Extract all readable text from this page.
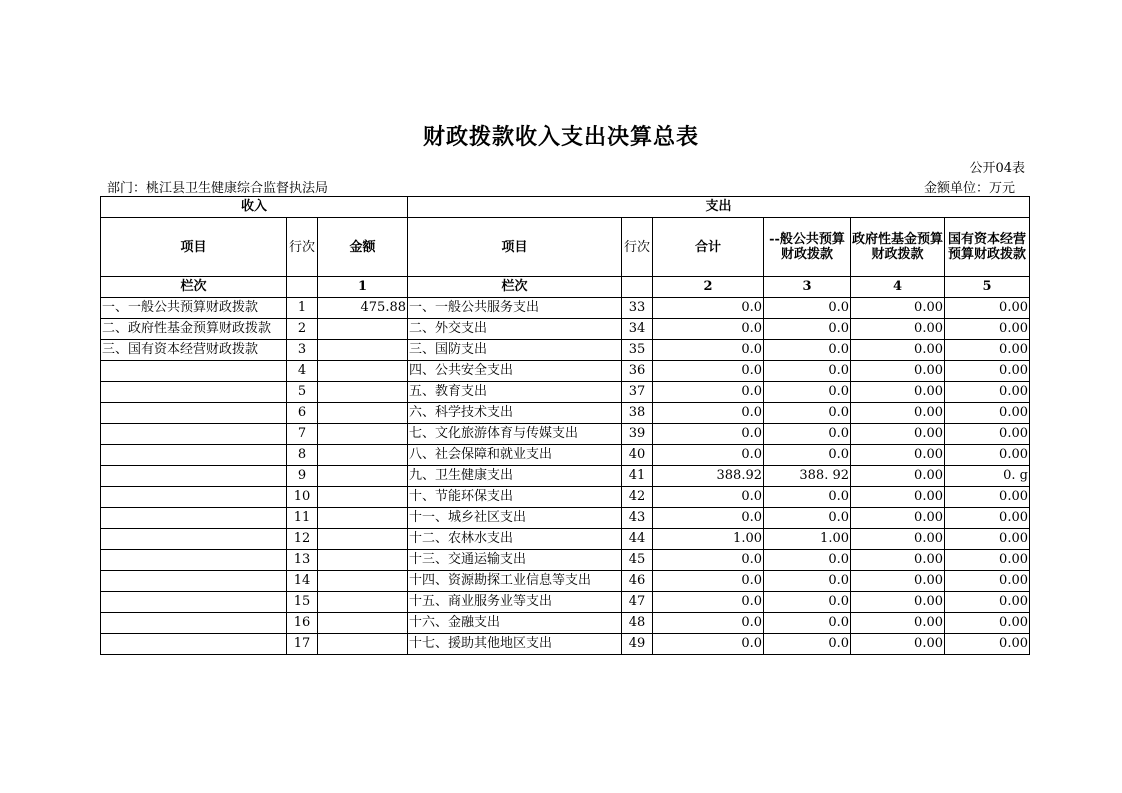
财政拨款收入支出决算总表
公开04表
部门：桃江县卫生健康综合监督执法局	金额单位：万元
收入			支出					
项目	行次	金额	项目	行次	合计	--般公共预算财政拨款	政府性基金预算财政拨款	国有资本经营预算财政拨款
栏次		1	栏次		2	3	4	5
一、一般公共预算财政拨款	1	475.88	一、一般公共服务支出	33	0.0	0.0	0.00	0.00
二、政府性基金预算财政拨款	2		二、外交支出	34	0.0	0.0	0.00	0.00
三、国有资本经营财政拨款	3		三、国防支出	35	0.0	0.0	0.00	0.00
	4		四、公共安全支出	36	0.0	0.0	0.00	0.00
	5		五、教育支出	37	0.0	0.0	0.00	0.00
	6		六、科学技术支出	38	0.0	0.0	0.00	0.00
	7		七、文化旅游体育与传媒支出	39	0.0	0.0	0.00	0.00
	8		八、社会保障和就业支出	40	0.0	0.0	0.00	0.00
	9		九、卫生健康支出	41	388.92	388. 92	0.00	0. g
	10		十、节能环保支出	42	0.0	0.0	0.00	0.00
	11		十一、城乡社区支出	43	0.0	0.0	0.00	0.00
	12		十二、农林水支出	44	1.00	1.00	0.00	0.00
	13		十三、交通运输支出	45	0.0	0.0	0.00	0.00
	14		十四、资源勘探工业信息等支出	46	0.0	0.0	0.00	0.00
	15		十五、商业服务业等支出	47	0.0	0.0	0.00	0.00
	16		十六、金融支出	48	0.0	0.0	0.00	0.00
	17		十七、援助其他地区支出	49	0.0	0.0	0.00	0.00
